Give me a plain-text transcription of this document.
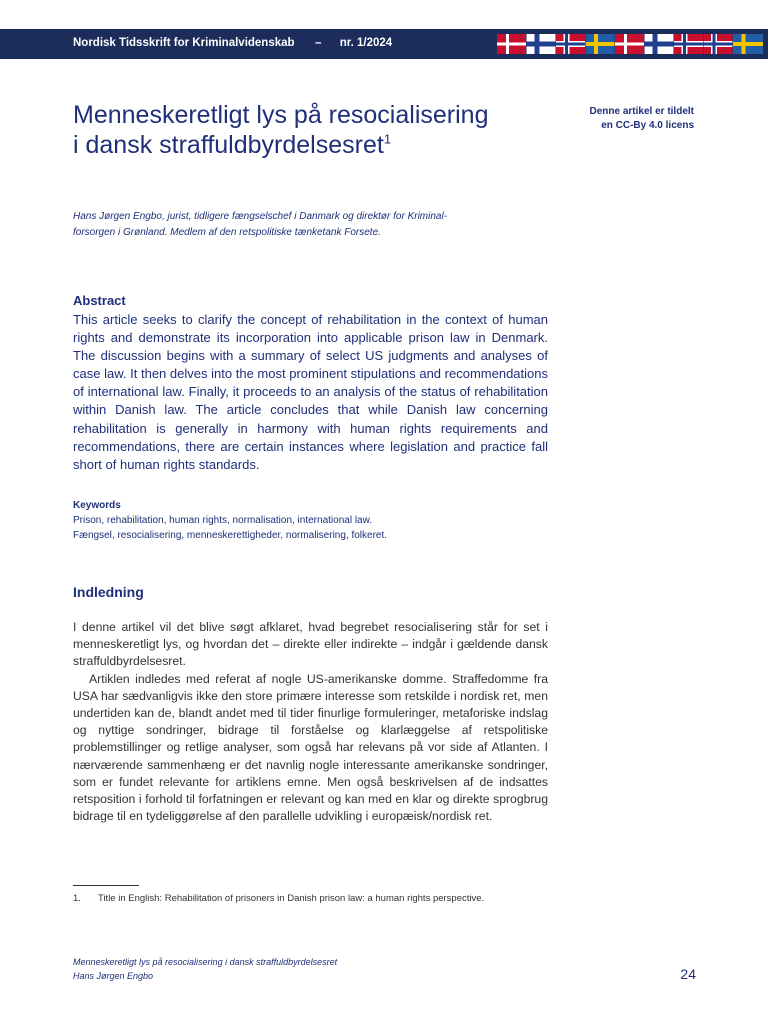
Nordisk Tidsskrift for Kriminalvidenskab – nr. 1/2024
Menneskeretligt lys på resocialisering
i dansk straffuldbyrdelsesret$^1$
Denne artikel er tildelt
en CC-By 4.0 licens
Hans Jørgen Engbo, jurist, tidligere fængselschef i Danmark og direktør for Kriminal-
forsorgen i Grønland. Medlem af den retspolitiske tænketank Forsete.
Abstract
This article seeks to clarify the concept of rehabilitation in the context of human rights and demonstrate its incorporation into applicable prison law in Denmark. The discussion begins with a summary of select US judgments and analyses of case law. It then delves into the most prominent stipulations and recommendations of international law. Finally, it proceeds to an analysis of the status of rehabilitation within Danish law. The article concludes that while Danish law concerning rehabilitation is generally in harmony with human rights requirements and recommendations, there are certain instances where legislation and practice fall short of human rights standards.
Keywords
Prison, rehabilitation, human rights, normalisation, international law.
Fængsel, resocialisering, menneskerettigheder, normalisering, folkeret.
Indledning

I denne artikel vil det blive søgt afklaret, hvad begrebet resocialisering står for set i menneskeretligt lys, og hvordan det – direkte eller indirekte – indgår i gældende dansk straffuldbyrdelsesret.

Artiklen indledes med referat af nogle US-amerikanske domme. Straffedomme fra USA har sædvanligvis ikke den store primære interesse som retskilde i nordisk ret, men undertiden kan de, blandt andet med til tider finurlige formuleringer, metaforiske indslag og nyttige sondringer, bidrage til forståelse og klarlæggelse af retspolitiske problemstillinger og retlige analyser, som også har relevans på vor side af Atlanten. I nærværende sammenhæng er det navnlig nogle interessante amerikanske sondringer, som er fundet relevante for artiklens emne. Men også beskrivelsen af de indsattes retsposition i forhold til forfatningen er relevant og kan med en klar og direkte sprogbrug bidrage til en tydeliggørelse af den parallelle udvikling i europæisk/nordisk ret.

1. Title in English: Rehabilitation of prisoners in Danish prison law: a human rights perspective.
Menneskeretligt lys på resocialisering i dansk straffuldbyrdelsesret
Hans Jørgen Engbo	24
